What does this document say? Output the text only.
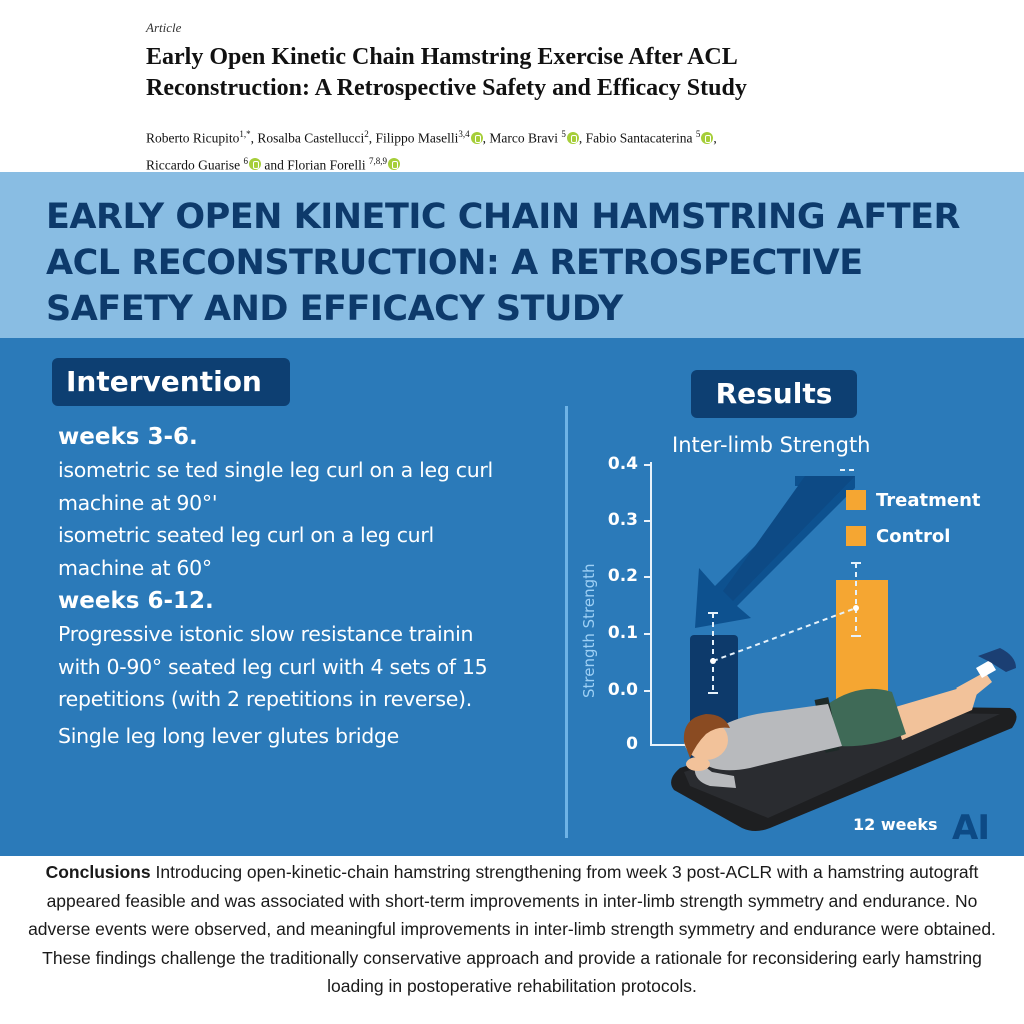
Article
Early Open Kinetic Chain Hamstring Exercise After ACL Reconstruction: A Retrospective Safety and Efficacy Study
Roberto Ricupito$^{1,*}$, Rosalba Castellucci$^2$, Filippo Maselli$^{3,4}$ , Marco Bravi $^5$ , Fabio Santacaterina $^5$ ,
Riccardo Guarise $^6$ and Florian Forelli $^{7,8,9}$
EARLY OPEN KINETIC CHAIN HAMSTRING AFTER ACL RECONSTRUCTION: A RETROSPECTIVE SAFETY AND EFFICACY STUDY
Intervention
weeks 3-6.
isometric se ted single leg curl on a leg curl
machine at 90°'
isometric seated leg curl on a leg curl
machine at 60°
weeks 6-12.
Progressive istonic slow resistance trainin
with 0-90° seated leg curl with 4 sets of 15
repetitions (with 2 repetitions in reverse).
Single leg long lever glutes bridge
Results
Inter-limb Strength
Strength Strength
0.4
0.3
0.2
0.1
0.0
0
Treatment
Control
12 weeks AI
Conclusions Introducing open-kinetic-chain hamstring strengthening from week 3 post-ACLR with a hamstring autograft appeared feasible and was associated with short-term improvements in inter-limb strength symmetry and endurance. No adverse events were observed, and meaningful improvements in inter-limb strength symmetry and endurance were obtained. These findings challenge the traditionally conservative approach and provide a rationale for reconsidering early hamstring loading in postoperative rehabilitation protocols.
